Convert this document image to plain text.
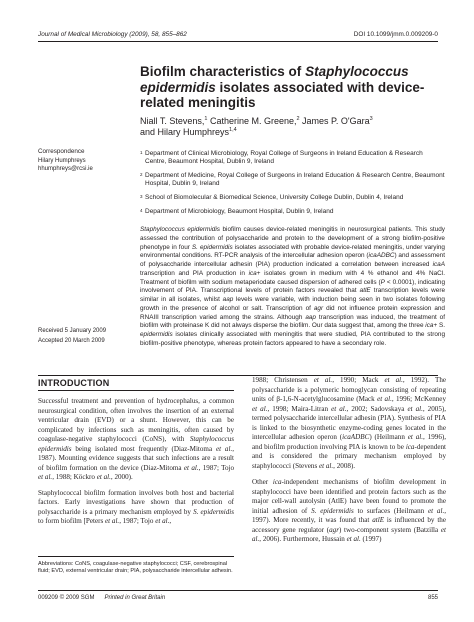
Journal of Medical Microbiology (2009), 58, 855–862	DOI 10.1099/jmm.0.009209-0
Biofilm characteristics of Staphylococcus epidermidis isolates associated with device-related meningitis
Niall T. Stevens,$^1$ Catherine M. Greene,$^2$ James P. O'Gara$^3$
and Hilary Humphreys$^{1,4}$
1 Department of Clinical Microbiology, Royal College of Surgeons in Ireland Education & Research Centre, Beaumont Hospital, Dublin 9, Ireland
2 Department of Medicine, Royal College of Surgeons in Ireland Education & Research Centre, Beaumont Hospital, Dublin 9, Ireland
3 School of Biomolecular & Biomedical Science, University College Dublin, Dublin 4, Ireland
4 Department of Microbiology, Beaumont Hospital, Dublin 9, Ireland
Correspondence
Hilary Humphreys
hhumphreys@rcsi.ie
Staphylococcus epidermidis biofilm causes device-related meningitis in neurosurgical patients. This study assessed the contribution of polysaccharide and protein to the development of a strong biofilm-positive phenotype in four S. epidermidis isolates associated with probable device-related meningitis, under varying environmental conditions. RT-PCR analysis of the intercellular adhesion operon (icaADBC) and assessment of polysaccharide intercellular adhesin (PIA) production indicated a correlation between increased icaA transcription and PIA production in ica+ isolates grown in medium with 4 % ethanol and 4% NaCl. Treatment of biofilm with sodium metaperiodate caused dispersion of adhered cells (P < 0.0001), indicating involvement of PIA. Transcriptional levels of protein factors revealed that atlE transcription levels were similar in all isolates, whilst aap levels were variable, with induction being seen in two isolates following growth in the presence of alcohol or salt. Transcription of agr did not influence protein expression and RNAIII transcription varied among the strains. Although aap transcription was induced, the treatment of biofilm with proteinase K did not always disperse the biofilm. Our data suggest that, among the three ica+ S. epidermidis isolates clinically associated with meningitis that were studied, PIA contributed to the strong biofilm-positive phenotype, whereas protein factors appeared to have a secondary role.
Received 5 January 2009
Accepted 20 March 2009
INTRODUCTION

Successful treatment and prevention of hydrocephalus, a common neurosurgical condition, often involves the insertion of an external ventricular drain (EVD) or a shunt. However, this can be complicated by infections such as meningitis, often caused by coagulase-negative staphylococci (CoNS), with Staphylococcus epidermidis being isolated most frequently (Diaz-Mitoma et al., 1987). Mounting evidence suggests that such infections are a result of biofilm formation on the device (Diaz-Mitoma et al., 1987; Tojo et al., 1988; Köckro et al., 2000).

Staphylococcal biofilm formation involves both host and bacterial factors. Early investigations have shown that production of polysaccharide is a primary mechanism employed by S. epidermidis to form biofilm [Peters et al., 1987; Tojo et al.,

Abbreviations: CoNS, coagulase-negative staphylococci; CSF, cerebrospinal fluid; EVD, external ventricular drain; PIA, polysaccharide intercellular adhesin.

1988; Christensen et al., 1990; Mack et al., 1992). The polysaccharide is a polymeric homoglycan consisting of repeating units of β-1,6-N-acetylglucosamine (Mack et al., 1996; McKenney et al., 1998; Maira-Litran et al., 2002; Sadovskaya et al., 2005), termed polysaccharide intercellular adhesin (PIA). Synthesis of PIA is linked to the biosynthetic enzyme-coding genes located in the intercellular adhesion operon (icaADBC) (Heilmann et al., 1996), and biofilm production involving PIA is known to be ica-dependent and is considered the primary mechanism employed by staphylococci (Stevens et al., 2008).

Other ica-independent mechanisms of biofilm development in staphylococci have been identified and protein factors such as the major cell-wall autolysin (AtlE) have been found to promote the initial adhesion of S. epidermidis to surfaces (Heilmann et al., 1997). More recently, it was found that atlE is influenced by the accessory gene regulator (agr) two-component system (Batzilla et al., 2006). Furthermore, Hussain et al. (1997)

009209 © 2009 SGM Printed in Great Britain	855
